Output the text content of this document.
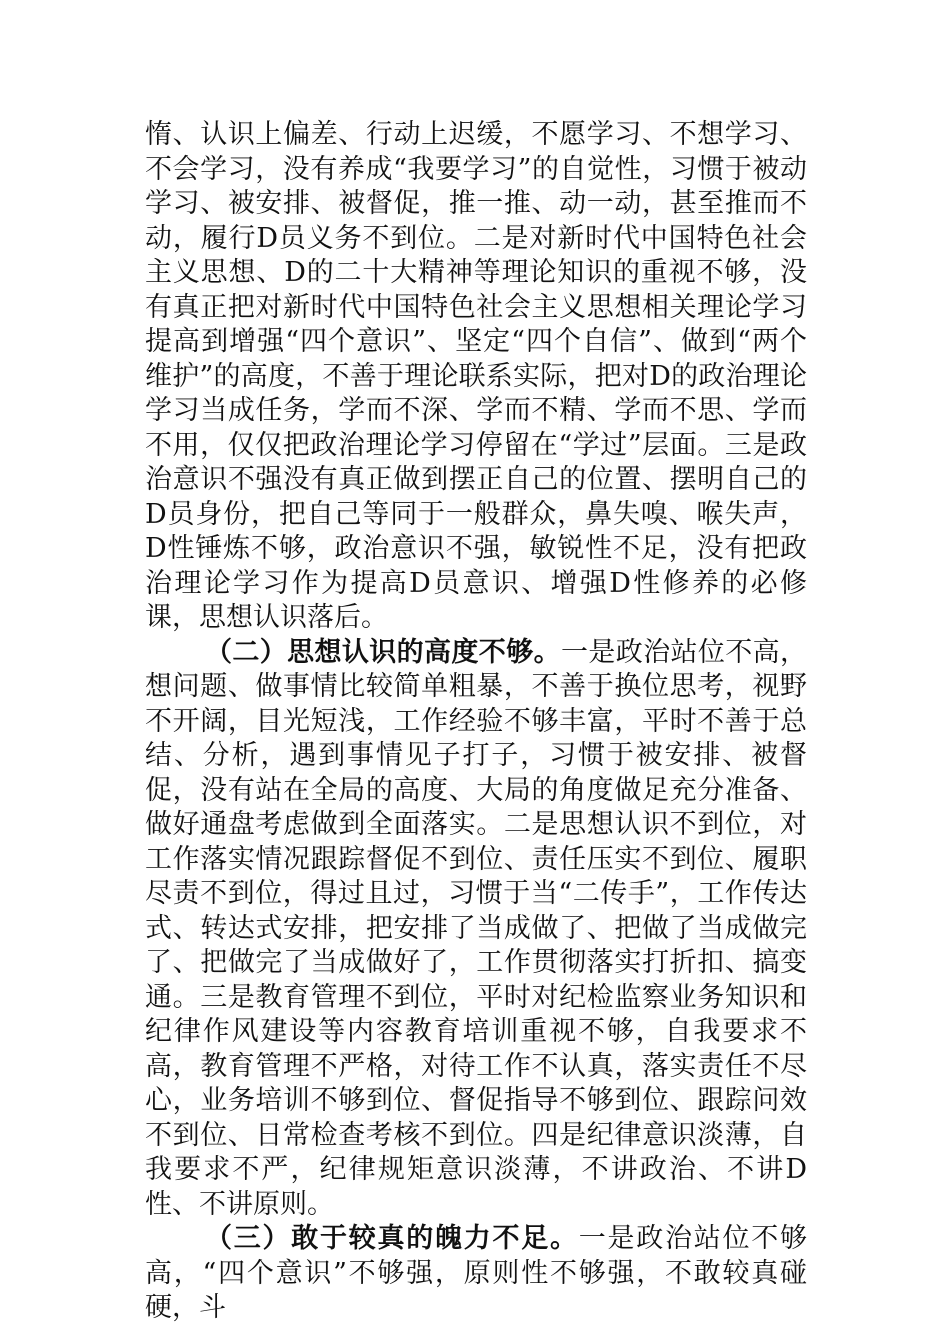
惰、认识上偏差、行动上迟缓，不愿学习、不想学习、不会学习，没有养成“我要学习”的自觉性，习惯于被动学习、被安排、被督促，推一推、动一动，甚至推而不动，履行D员义务不到位。二是对新时代中国特色社会主义思想、D的二十大精神等理论知识的重视不够，没有真正把对新时代中国特色社会主义思想相关理论学习提高到增强“四个意识”、坚定“四个自信”、做到“两个维护”的高度，不善于理论联系实际，把对D的政治理论学习当成任务，学而不深、学而不精、学而不思、学而不用，仅仅把政治理论学习停留在“学过”层面。三是政治意识不强没有真正做到摆正自己的位置、摆明自己的D员身份，把自己等同于一般群众，鼻失嗅、喉失声，D性锤炼不够，政治意识不强，敏锐性不足，没有把政治理论学习作为提高D员意识、增强D性修养的必修课，思想认识落后。

（二）思想认识的高度不够。一是政治站位不高，想问题、做事情比较简单粗暴，不善于换位思考，视野不开阔，目光短浅，工作经验不够丰富，平时不善于总结、分析，遇到事情见子打子，习惯于被安排、被督促，没有站在全局的高度、大局的角度做足充分准备、做好通盘考虑做到全面落实。二是思想认识不到位，对工作落实情况跟踪督促不到位、责任压实不到位、履职尽责不到位，得过且过，习惯于当“二传手”，工作传达式、转达式安排，把安排了当成做了、把做了当成做完了、把做完了当成做好了，工作贯彻落实打折扣、搞变通。三是教育管理不到位，平时对纪检监察业务知识和纪律作风建设等内容教育培训重视不够，自我要求不高，教育管理不严格，对待工作不认真，落实责任不尽心，业务培训不够到位、督促指导不够到位、跟踪问效不到位、日常检查考核不到位。四是纪律意识淡薄，自我要求不严，纪律规矩意识淡薄，不讲政治、不讲D性、不讲原则。

（三）敢于较真的魄力不足。一是政治站位不够高，“四个意识”不够强，原则性不够强，不敢较真碰硬，斗
